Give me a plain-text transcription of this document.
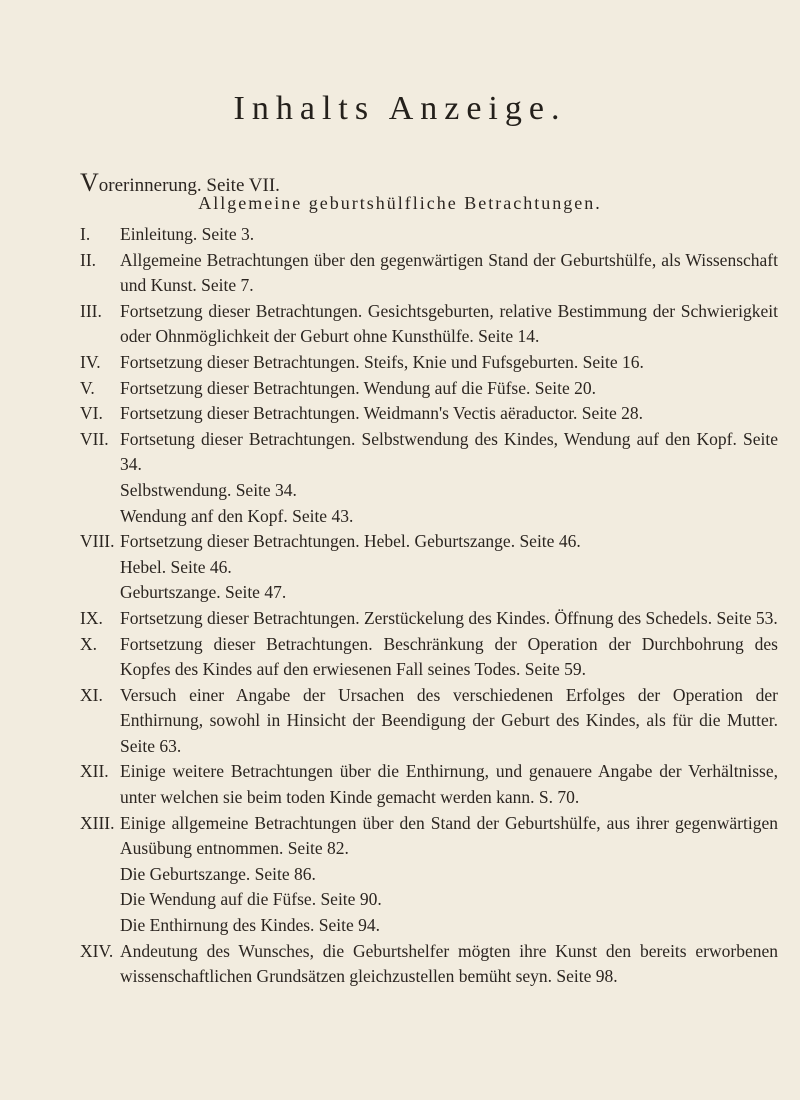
Inhalts Anzeige.
Vorerinnerung. Seite VII.
Allgemeine geburtshülfliche Betrachtungen.
I.	Einleitung. Seite 3.
II.	Allgemeine Betrachtungen über den gegenwärtigen Stand der Geburtshülfe, als Wissenschaft und Kunst. Seite 7.
III.	Fortsetzung dieser Betrachtungen. Gesichtsgeburten, relative Bestimmung der Schwierigkeit oder Ohnmöglichkeit der Geburt ohne Kunsthülfe. Seite 14.
IV.	Fortsetzung dieser Betrachtungen. Steifs, Knie und Fufsgeburten. Seite 16.
V.	Fortsetzung dieser Betrachtungen. Wendung auf die Füfse. Seite 20.
VI. Fortsetzung dieser Betrachtungen. Weidmann's Vectis aëraductor. Seite 28.
VII. Fortsetung dieser Betrachtungen. Selbstwendung des Kindes, Wendung auf den Kopf. Seite 34.
Selbstwendung. Seite 34.
Wendung anf den Kopf. Seite 43.
VIII. Fortsetzung dieser Betrachtungen. Hebel. Geburtszange. Seite 46.
Hebel. Seite 46.
Geburtszange. Seite 47.
IX. Fortsetzung dieser Betrachtungen. Zerstückelung des Kindes. Öffnung des Schedels. Seite 53.
X.	Fortsetzung dieser Betrachtungen. Beschränkung der Operation der Durchbohrung des Kopfes des Kindes auf den erwiesenen Fall seines Todes. Seite 59.
XI. Versuch einer Angabe der Ursachen des verschiedenen Erfolges der Operation der Enthirnung, sowohl in Hinsicht der Beendigung der Geburt des Kindes, als für die Mutter. Seite 63.
XII. Einige weitere Betrachtungen über die Enthirnung, und genauere Angabe der Verhältnisse, unter welchen sie beim toden Kinde gemacht werden kann. S. 70.
XIII. Einige allgemeine Betrachtungen über den Stand der Geburtshülfe, aus ihrer gegenwärtigen Ausübung entnommen. Seite 82.
Die Geburtszange. Seite 86.
Die Wendung auf die Füfse. Seite 90.
Die Enthirnung des Kindes. Seite 94.
XIV. Andeutung des Wunsches, die Geburtshelfer mögten ihre Kunst den bereits erworbenen wissenschaftlichen Grundsätzen gleichzustellen bemüht seyn. Seite 98.
